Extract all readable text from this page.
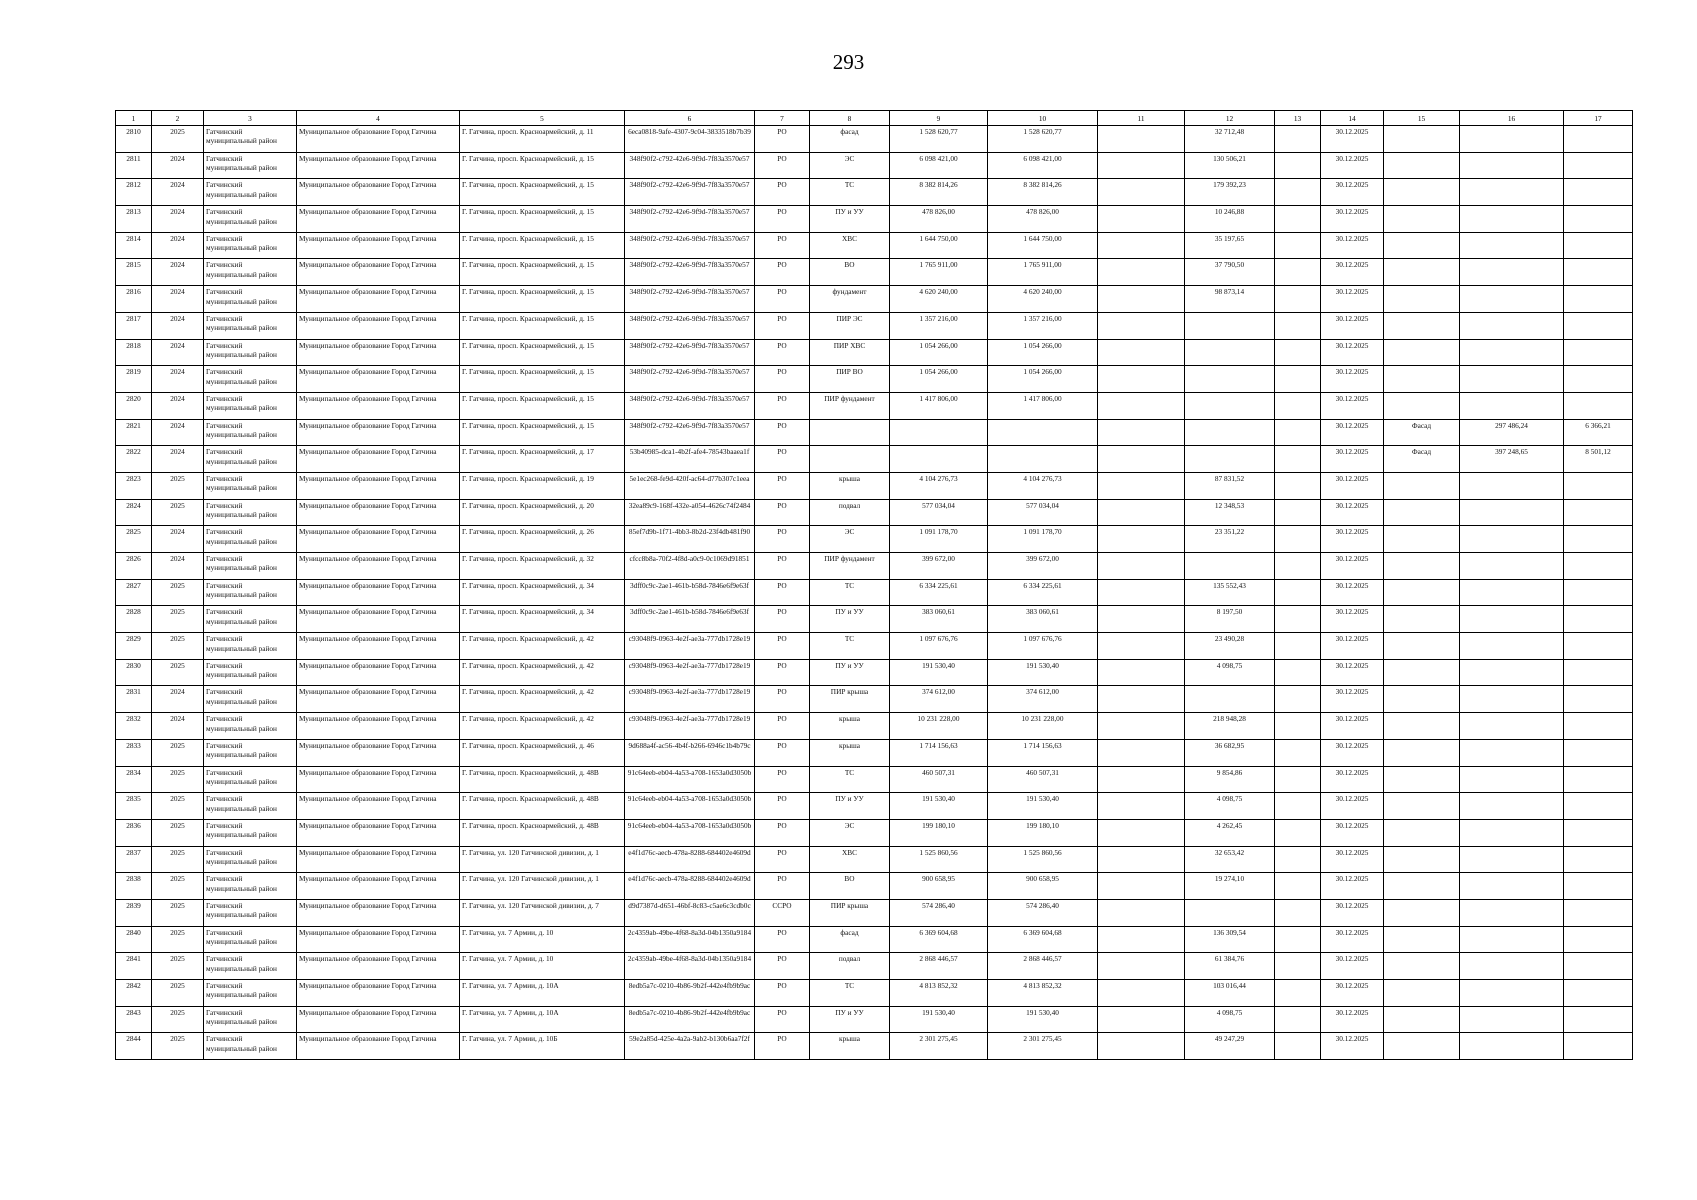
293
1	2	3	4	5	6	7	8	9	10	11	12	13	14	15	16	17
2810	2025	Гатчинский муниципальный район	Муниципальное образование Город Гатчина	Г. Гатчина, просп. Красноармейский, д. 11	6eca0818-9afe-4307-9c04-3833518b7b39	РО	фасад	1 528 620,77	1 528 620,77		32 712,48		30.12.2025			
2811	2024	Гатчинский муниципальный район	Муниципальное образование Город Гатчина	Г. Гатчина, просп. Красноармейский, д. 15	348f90f2-c792-42e6-9f9d-7f83a3570e57	РО	ЭС	6 098 421,00	6 098 421,00		130 506,21		30.12.2025			
2812	2024	Гатчинский муниципальный район	Муниципальное образование Город Гатчина	Г. Гатчина, просп. Красноармейский, д. 15	348f90f2-c792-42e6-9f9d-7f83a3570e57	РО	ТС	8 382 814,26	8 382 814,26		179 392,23		30.12.2025			
2813	2024	Гатчинский муниципальный район	Муниципальное образование Город Гатчина	Г. Гатчина, просп. Красноармейский, д. 15	348f90f2-c792-42e6-9f9d-7f83a3570e57	РО	ПУ и УУ	478 826,00	478 826,00		10 246,88		30.12.2025			
2814	2024	Гатчинский муниципальный район	Муниципальное образование Город Гатчина	Г. Гатчина, просп. Красноармейский, д. 15	348f90f2-c792-42e6-9f9d-7f83a3570e57	РО	ХВС	1 644 750,00	1 644 750,00		35 197,65		30.12.2025			
2815	2024	Гатчинский муниципальный район	Муниципальное образование Город Гатчина	Г. Гатчина, просп. Красноармейский, д. 15	348f90f2-c792-42e6-9f9d-7f83a3570e57	РО	ВО	1 765 911,00	1 765 911,00		37 790,50		30.12.2025			
2816	2024	Гатчинский муниципальный район	Муниципальное образование Город Гатчина	Г. Гатчина, просп. Красноармейский, д. 15	348f90f2-c792-42e6-9f9d-7f83a3570e57	РО	фундамент	4 620 240,00	4 620 240,00		98 873,14		30.12.2025			
2817	2024	Гатчинский муниципальный район	Муниципальное образование Город Гатчина	Г. Гатчина, просп. Красноармейский, д. 15	348f90f2-c792-42e6-9f9d-7f83a3570e57	РО	ПИР ЭС	1 357 216,00	1 357 216,00				30.12.2025			
2818	2024	Гатчинский муниципальный район	Муниципальное образование Город Гатчина	Г. Гатчина, просп. Красноармейский, д. 15	348f90f2-c792-42e6-9f9d-7f83a3570e57	РО	ПИР ХВС	1 054 266,00	1 054 266,00				30.12.2025			
2819	2024	Гатчинский муниципальный район	Муниципальное образование Город Гатчина	Г. Гатчина, просп. Красноармейский, д. 15	348f90f2-c792-42e6-9f9d-7f83a3570e57	РО	ПИР ВО	1 054 266,00	1 054 266,00				30.12.2025			
2820	2024	Гатчинский муниципальный район	Муниципальное образование Город Гатчина	Г. Гатчина, просп. Красноармейский, д. 15	348f90f2-c792-42e6-9f9d-7f83a3570e57	РО	ПИР фундамент	1 417 806,00	1 417 806,00				30.12.2025			
2821	2024	Гатчинский муниципальный район	Муниципальное образование Город Гатчина	Г. Гатчина, просп. Красноармейский, д. 15	348f90f2-c792-42e6-9f9d-7f83a3570e57	РО							30.12.2025	Фасад	297 486,24	6 366,21
2822	2024	Гатчинский муниципальный район	Муниципальное образование Город Гатчина	Г. Гатчина, просп. Красноармейский, д. 17	53b40985-dca1-4b2f-afe4-78543baaea1f	РО							30.12.2025	Фасад	397 248,65	8 501,12
2823	2025	Гатчинский муниципальный район	Муниципальное образование Город Гатчина	Г. Гатчина, просп. Красноармейский, д. 19	5e1ec268-fe9d-420f-ac64-d77b307c1eea	РО	крыша	4 104 276,73	4 104 276,73		87 831,52		30.12.2025			
2824	2025	Гатчинский муниципальный район	Муниципальное образование Город Гатчина	Г. Гатчина, просп. Красноармейский, д. 20	32ea89c9-168f-432e-a054-4626c74f2484	РО	подвал	577 034,04	577 034,04		12 348,53		30.12.2025			
2825	2024	Гатчинский муниципальный район	Муниципальное образование Город Гатчина	Г. Гатчина, просп. Красноармейский, д. 26	85ef7d9b-1f71-4bb3-8b2d-23f4db481f90	РО	ЭС	1 091 178,70	1 091 178,70		23 351,22		30.12.2025			
2826	2024	Гатчинский муниципальный район	Муниципальное образование Город Гатчина	Г. Гатчина, просп. Красноармейский, д. 32	cfcc8b8a-70f2-4f8d-a0c9-0c1069d91851	РО	ПИР фундамент	399 672,00	399 672,00				30.12.2025			
2827	2025	Гатчинский муниципальный район	Муниципальное образование Город Гатчина	Г. Гатчина, просп. Красноармейский, д. 34	3dff0c9c-2ae1-461b-b58d-7846e6f9e63f	РО	ТС	6 334 225,61	6 334 225,61		135 552,43		30.12.2025			
2828	2025	Гатчинский муниципальный район	Муниципальное образование Город Гатчина	Г. Гатчина, просп. Красноармейский, д. 34	3dff0c9c-2ae1-461b-b58d-7846e6f9e63f	РО	ПУ и УУ	383 060,61	383 060,61		8 197,50		30.12.2025			
2829	2025	Гатчинский муниципальный район	Муниципальное образование Город Гатчина	Г. Гатчина, просп. Красноармейский, д. 42	c93048f9-0963-4e2f-ae3a-777db1728e19	РО	ТС	1 097 676,76	1 097 676,76		23 490,28		30.12.2025			
2830	2025	Гатчинский муниципальный район	Муниципальное образование Город Гатчина	Г. Гатчина, просп. Красноармейский, д. 42	c93048f9-0963-4e2f-ae3a-777db1728e19	РО	ПУ и УУ	191 530,40	191 530,40		4 098,75		30.12.2025			
2831	2024	Гатчинский муниципальный район	Муниципальное образование Город Гатчина	Г. Гатчина, просп. Красноармейский, д. 42	c93048f9-0963-4e2f-ae3a-777db1728e19	РО	ПИР крыша	374 612,00	374 612,00				30.12.2025			
2832	2024	Гатчинский муниципальный район	Муниципальное образование Город Гатчина	Г. Гатчина, просп. Красноармейский, д. 42	c93048f9-0963-4e2f-ae3a-777db1728e19	РО	крыша	10 231 228,00	10 231 228,00		218 948,28		30.12.2025			
2833	2025	Гатчинский муниципальный район	Муниципальное образование Город Гатчина	Г. Гатчина, просп. Красноармейский, д. 46	9d688a4f-ac56-4b4f-b266-6946c1b4b79c	РО	крыша	1 714 156,63	1 714 156,63		36 682,95		30.12.2025			
2834	2025	Гатчинский муниципальный район	Муниципальное образование Город Гатчина	Г. Гатчина, просп. Красноармейский, д. 48В	91c64eeb-eb04-4a53-a708-1653a0d3050b	РО	ТС	460 507,31	460 507,31		9 854,86		30.12.2025			
2835	2025	Гатчинский муниципальный район	Муниципальное образование Город Гатчина	Г. Гатчина, просп. Красноармейский, д. 48В	91c64eeb-eb04-4a53-a708-1653a0d3050b	РО	ПУ и УУ	191 530,40	191 530,40		4 098,75		30.12.2025			
2836	2025	Гатчинский муниципальный район	Муниципальное образование Город Гатчина	Г. Гатчина, просп. Красноармейский, д. 48В	91c64eeb-eb04-4a53-a708-1653a0d3050b	РО	ЭС	199 180,10	199 180,10		4 262,45		30.12.2025			
2837	2025	Гатчинский муниципальный район	Муниципальное образование Город Гатчина	Г. Гатчина, ул. 120 Гатчинской дивизии, д. 1	e4f1d76c-aecb-478a-8288-684402e4609d	РО	ХВС	1 525 860,56	1 525 860,56		32 653,42		30.12.2025			
2838	2025	Гатчинский муниципальный район	Муниципальное образование Город Гатчина	Г. Гатчина, ул. 120 Гатчинской дивизии, д. 1	e4f1d76c-aecb-478a-8288-684402e4609d	РО	ВО	900 658,95	900 658,95		19 274,10		30.12.2025			
2839	2025	Гатчинский муниципальный район	Муниципальное образование Город Гатчина	Г. Гатчина, ул. 120 Гатчинской дивизии, д. 7	d9d7387d-d651-46bf-8c83-c5ae6c3cdb0c	ССРО	ПИР крыша	574 286,40	574 286,40				30.12.2025			
2840	2025	Гатчинский муниципальный район	Муниципальное образование Город Гатчина	Г. Гатчина, ул. 7 Армии, д. 10	2c4359ab-49be-4f68-8a3d-04b1350a9184	РО	фасад	6 369 604,68	6 369 604,68		136 309,54		30.12.2025			
2841	2025	Гатчинский муниципальный район	Муниципальное образование Город Гатчина	Г. Гатчина, ул. 7 Армии, д. 10	2c4359ab-49be-4f68-8a3d-04b1350a9184	РО	подвал	2 868 446,57	2 868 446,57		61 384,76		30.12.2025			
2842	2025	Гатчинский муниципальный район	Муниципальное образование Город Гатчина	Г. Гатчина, ул. 7 Армии, д. 10А	8edb5a7c-0210-4b86-9b2f-442e4fb9b9ac	РО	ТС	4 813 852,32	4 813 852,32		103 016,44		30.12.2025			
2843	2025	Гатчинский муниципальный район	Муниципальное образование Город Гатчина	Г. Гатчина, ул. 7 Армии, д. 10А	8edb5a7c-0210-4b86-9b2f-442e4fb9b9ac	РО	ПУ и УУ	191 530,40	191 530,40		4 098,75		30.12.2025			
2844	2025	Гатчинский муниципальный район	Муниципальное образование Город Гатчина	Г. Гатчина, ул. 7 Армии, д. 10Б	59e2a85d-425e-4a2a-9ab2-b130b6aa7f2f	РО	крыша	2 301 275,45	2 301 275,45		49 247,29		30.12.2025			
